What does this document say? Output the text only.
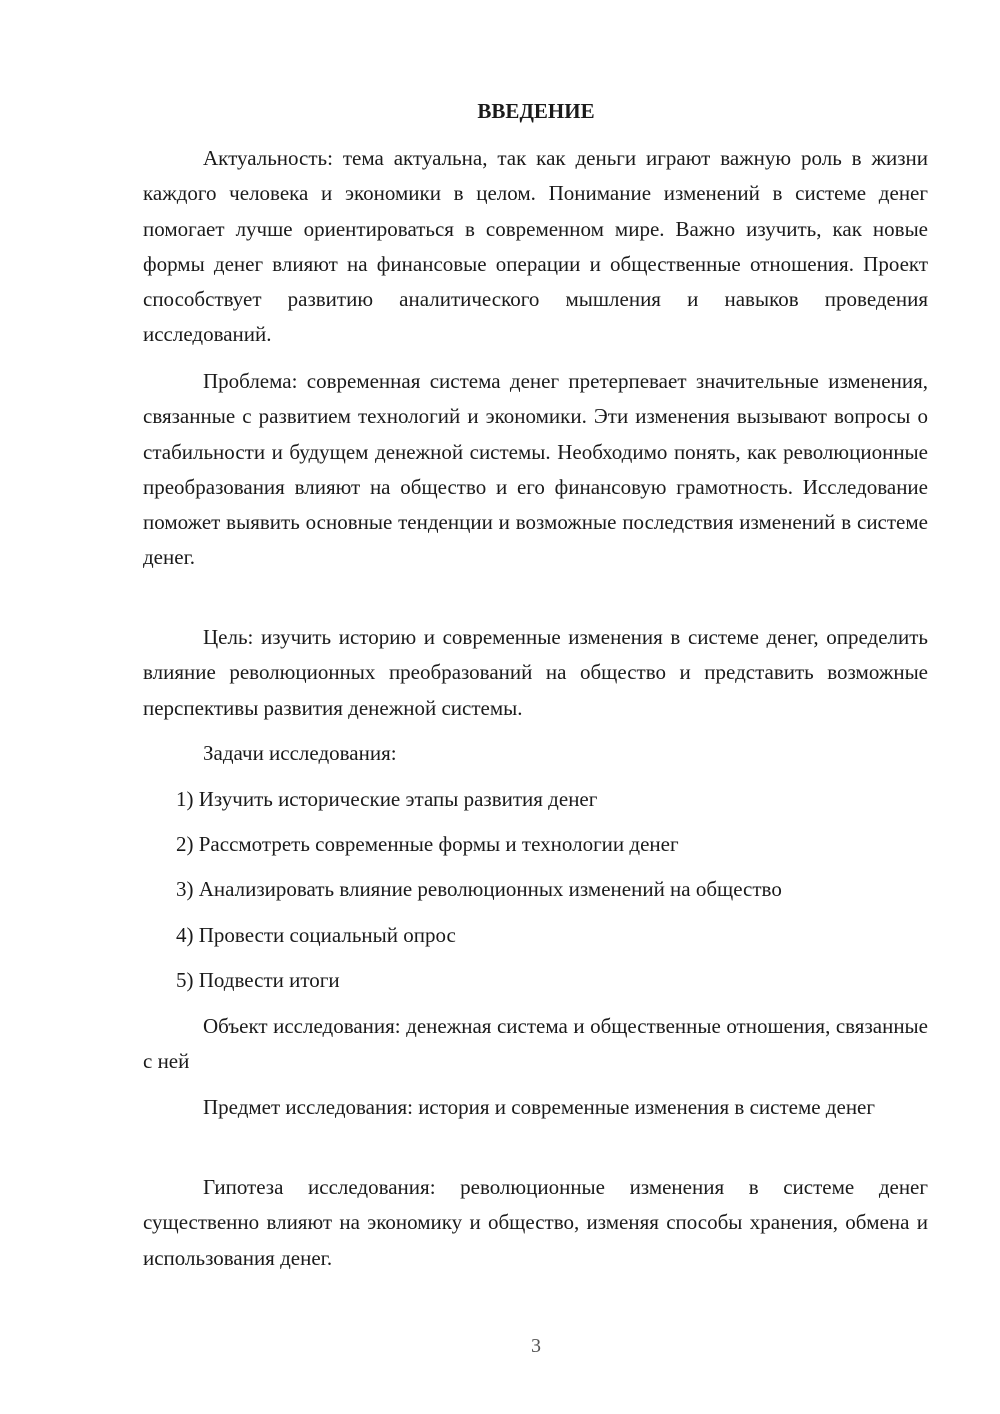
ВВЕДЕНИЕ

Актуальность: тема актуальна, так как деньги играют важную роль в жизни каждого человека и экономики в целом. Понимание изменений в системе денег помогает лучше ориентироваться в современном мире. Важно изучить, как новые формы денег влияют на финансовые операции и общественные отношения. Проект способствует развитию аналитического мышления и навыков проведения исследований.

Проблема: современная система денег претерпевает значительные изменения, связанные с развитием технологий и экономики. Эти изменения вызывают вопросы о стабильности и будущем денежной системы. Необходимо понять, как революционные преобразования влияют на общество и его финансовую грамотность. Исследование поможет выявить основные тенденции и возможные последствия изменений в системе денег.

Цель: изучить историю и современные изменения в системе денег, определить влияние революционных преобразований на общество и представить возможные перспективы развития денежной системы.

Задачи исследования:

1) Изучить исторические этапы развития денег

2) Рассмотреть современные формы и технологии денег

3) Анализировать влияние революционных изменений на общество

4) Провести социальный опрос

5) Подвести итоги

Объект исследования: денежная система и общественные отношения, связанные с ней

Предмет исследования: история и современные изменения в системе денег

Гипотеза исследования: революционные изменения в системе денег существенно влияют на экономику и общество, изменяя способы хранения, обмена и использования денег.

3
